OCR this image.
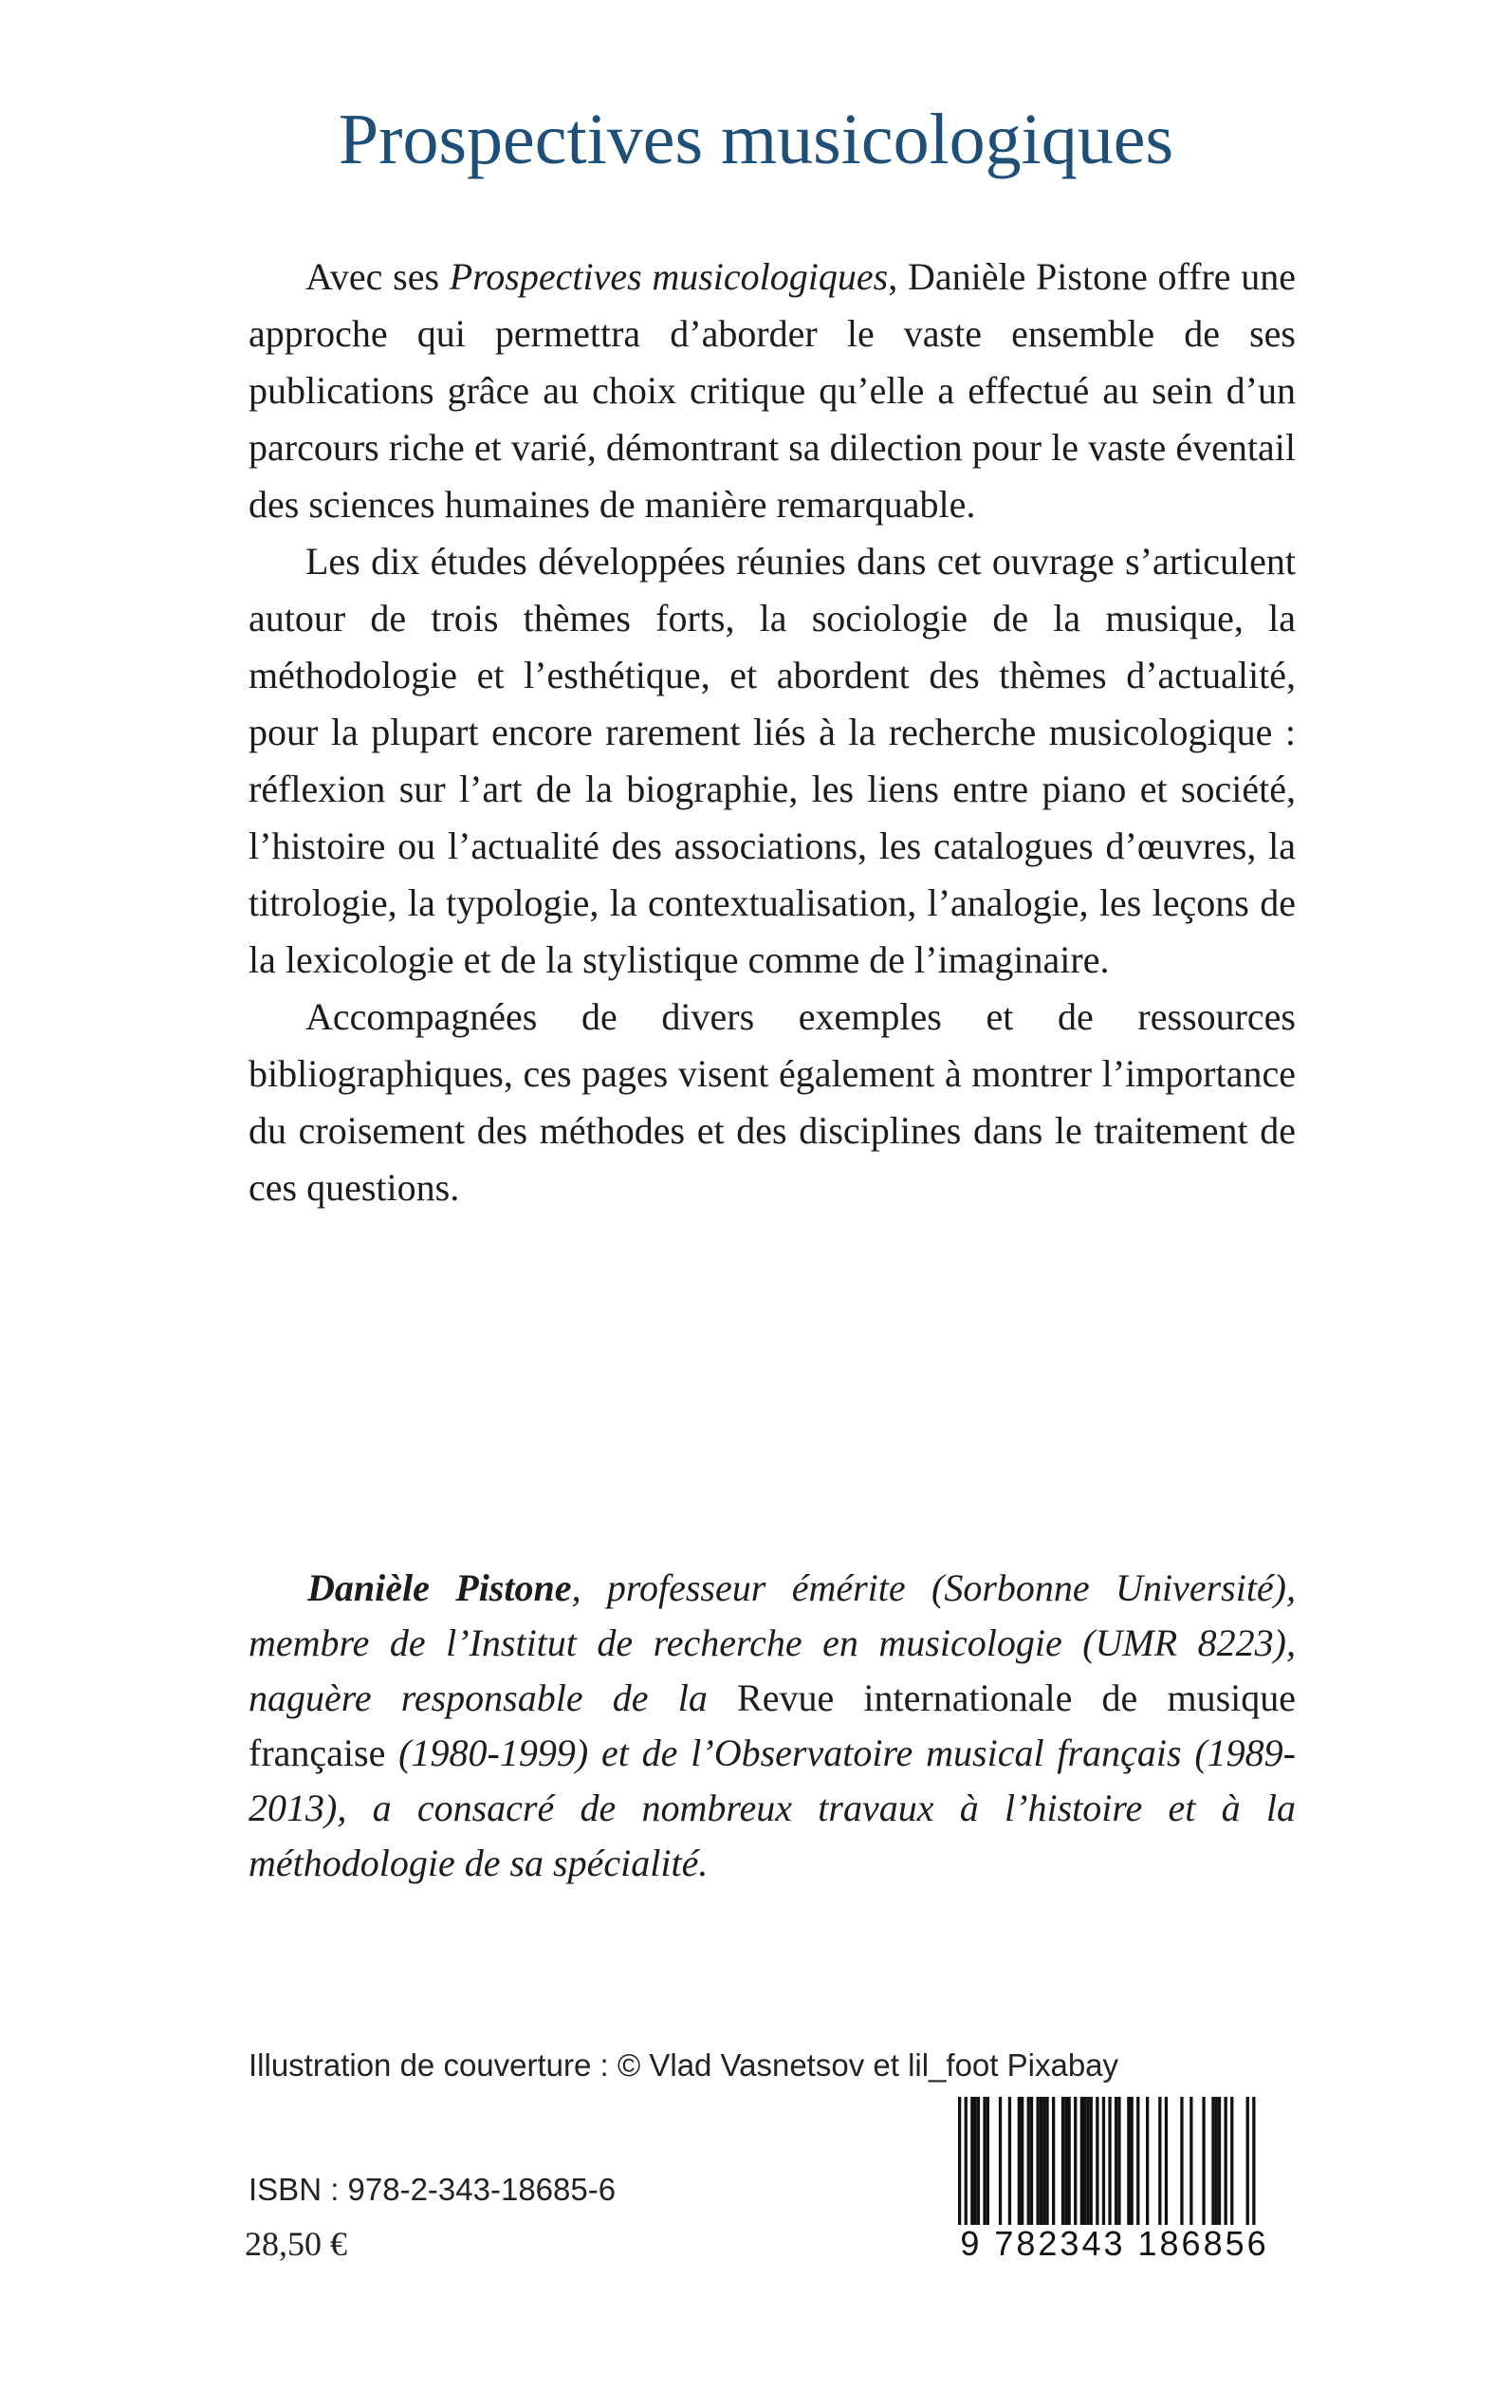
Prospectives musicologiques

Avec ses Prospectives musicologiques, Danièle Pistone offre une approche qui permettra d’aborder le vaste ensemble de ses publications grâce au choix critique qu’elle a effectué au sein d’un parcours riche et varié, démontrant sa dilection pour le vaste éventail des sciences humaines de manière remarquable.

Les dix études développées réunies dans cet ouvrage s’articulent autour de trois thèmes forts, la sociologie de la musique, la méthodologie et l’esthétique, et abordent des thèmes d’actualité, pour la plupart encore rarement liés à la recherche musicologique : réflexion sur l’art de la biographie, les liens entre piano et société, l’histoire ou l’actualité des associations, les catalogues d’œuvres, la titrologie, la typologie, la contextualisation, l’analogie, les leçons de la lexicologie et de la stylistique comme de l’imaginaire.

Accompagnées de divers exemples et de ressources bibliographiques, ces pages visent également à montrer l’importance du croisement des méthodes et des disciplines dans le traitement de ces questions.

Danièle Pistone, professeur émérite (Sorbonne Université), membre de l’Institut de recherche en musicologie (UMR 8223), naguère responsable de la Revue internationale de musique française (1980-1999) et de l’Observatoire musical français (1989-2013), a consacré de nombreux travaux à l’histoire et à la méthodologie de sa spécialité.

Illustration de couverture : © Vlad Vasnetsov et lil_foot Pixabay
ISBN : 978-2-343-18685-6
28,50 €	9 782343 186856
